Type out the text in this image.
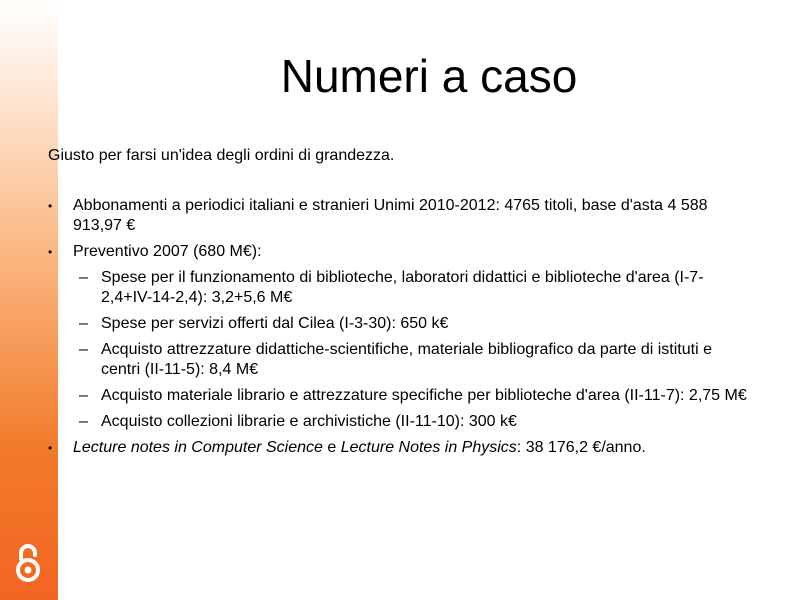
Numeri a caso
Giusto per farsi un'idea degli ordini di grandezza.
• Abbonamenti a periodici italiani e stranieri Unimi 2010-2012: 4765 titoli, base d'asta 4 588 913,97 €
• Preventivo 2007 (680 M€):
– Spese per il funzionamento di biblioteche, laboratori didattici e biblioteche d'area (I-7-2,4+IV-14-2,4): 3,2+5,6 M€
– Spese per servizi offerti dal Cilea (I-3-30): 650 k€
– Acquisto attrezzature didattiche-scientifiche, materiale bibliografico da parte di istituti e centri (II-11-5): 8,4 M€
– Acquisto materiale librario e attrezzature specifiche per biblioteche d'area (II-11-7): 2,75 M€
– Acquisto collezioni librarie e archivistiche (II-11-10): 300 k€
• Lecture notes in Computer Science e Lecture Notes in Physics: 38 176,2 €/anno.
